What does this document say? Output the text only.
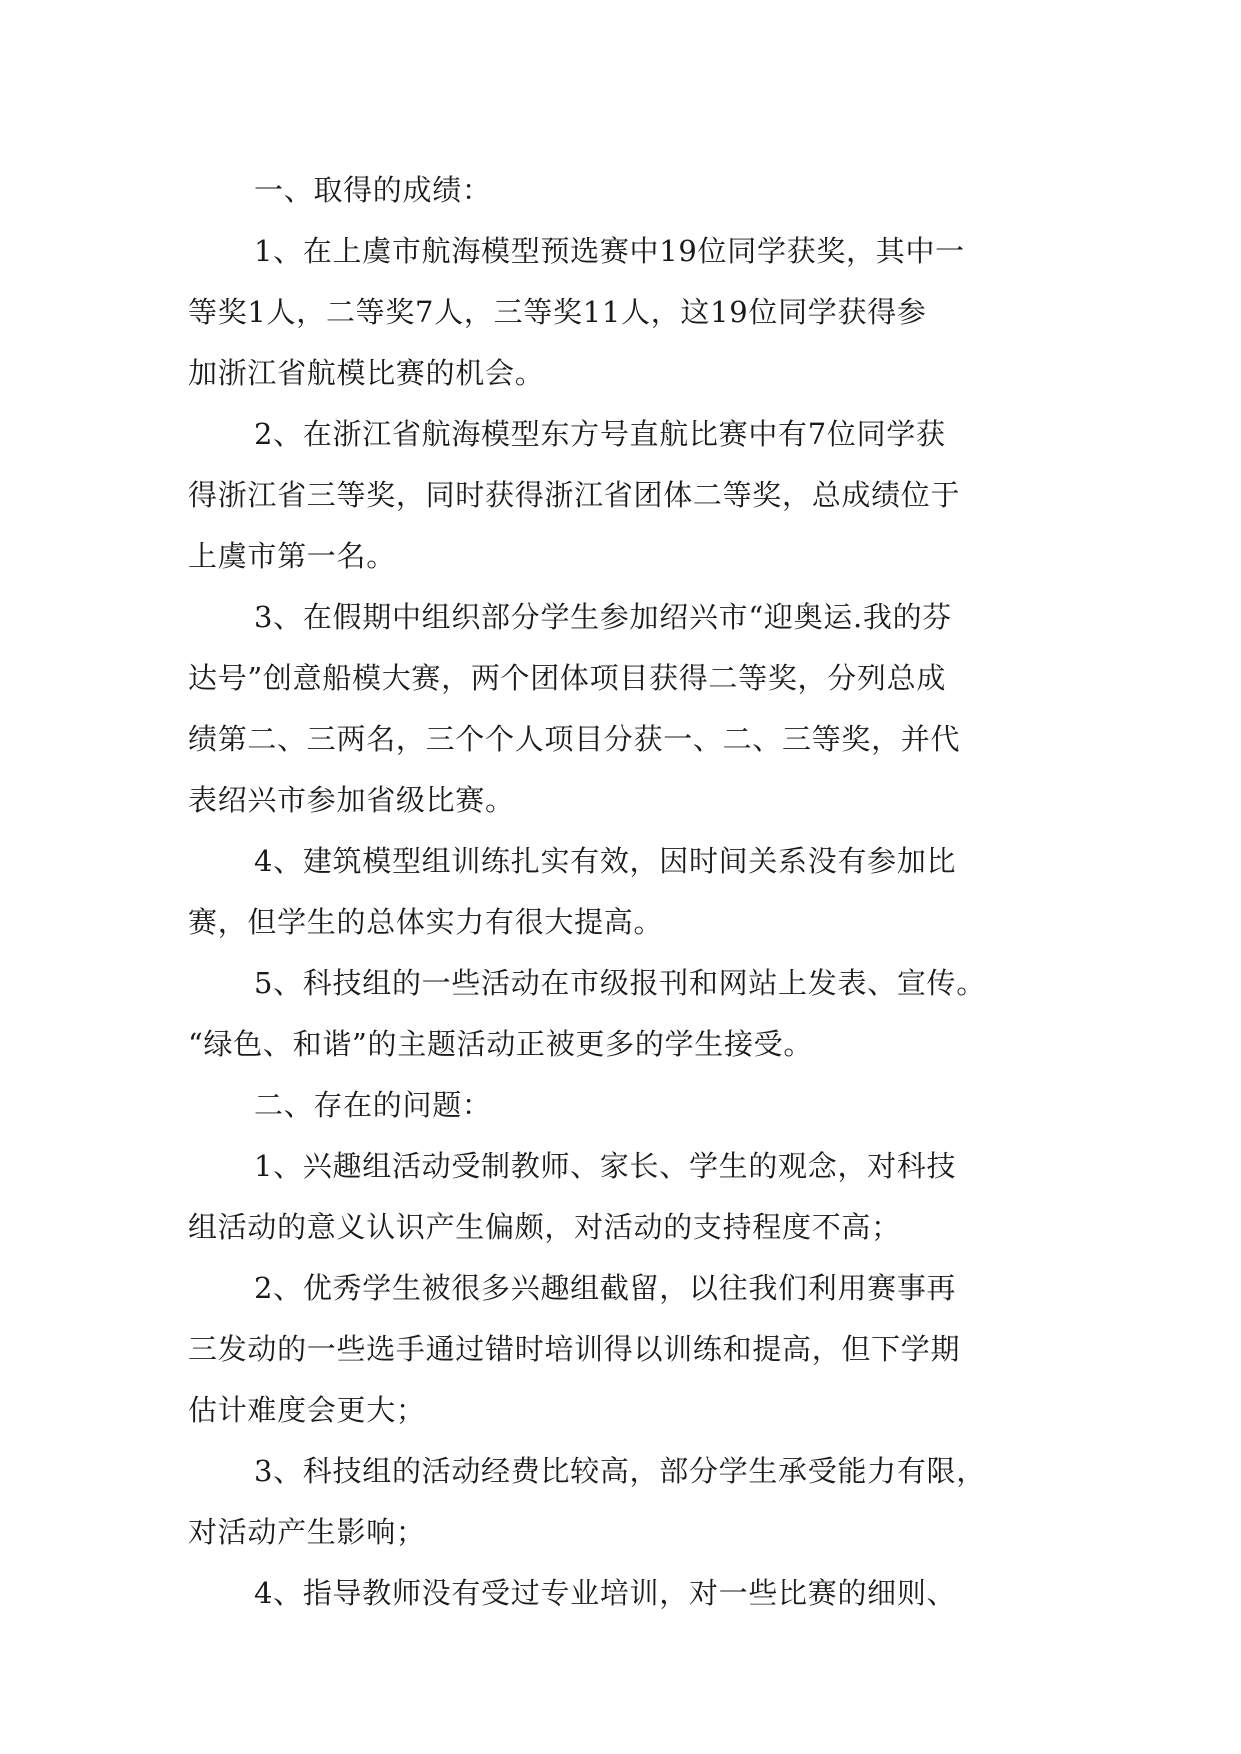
一、取得的成绩：
1、在上虞市航海模型预选赛中19位同学获奖，其中一
等奖1人，二等奖7人，三等奖11人，这19位同学获得参
加浙江省航模比赛的机会。
2、在浙江省航海模型东方号直航比赛中有7位同学获
得浙江省三等奖，同时获得浙江省团体二等奖，总成绩位于
上虞市第一名。
3、在假期中组织部分学生参加绍兴市“迎奥运.我的芬
达号”创意船模大赛，两个团体项目获得二等奖，分列总成
绩第二、三两名，三个个人项目分获一、二、三等奖，并代
表绍兴市参加省级比赛。
4、建筑模型组训练扎实有效，因时间关系没有参加比
赛，但学生的总体实力有很大提高。
5、科技组的一些活动在市级报刊和网站上发表、宣传。
“绿色、和谐”的主题活动正被更多的学生接受。
二、存在的问题：
1、兴趣组活动受制教师、家长、学生的观念，对科技
组活动的意义认识产生偏颇，对活动的支持程度不高；
2、优秀学生被很多兴趣组截留，以往我们利用赛事再
三发动的一些选手通过错时培训得以训练和提高，但下学期
估计难度会更大；
3、科技组的活动经费比较高，部分学生承受能力有限，
对活动产生影响；
4、指导教师没有受过专业培训，对一些比赛的细则、
